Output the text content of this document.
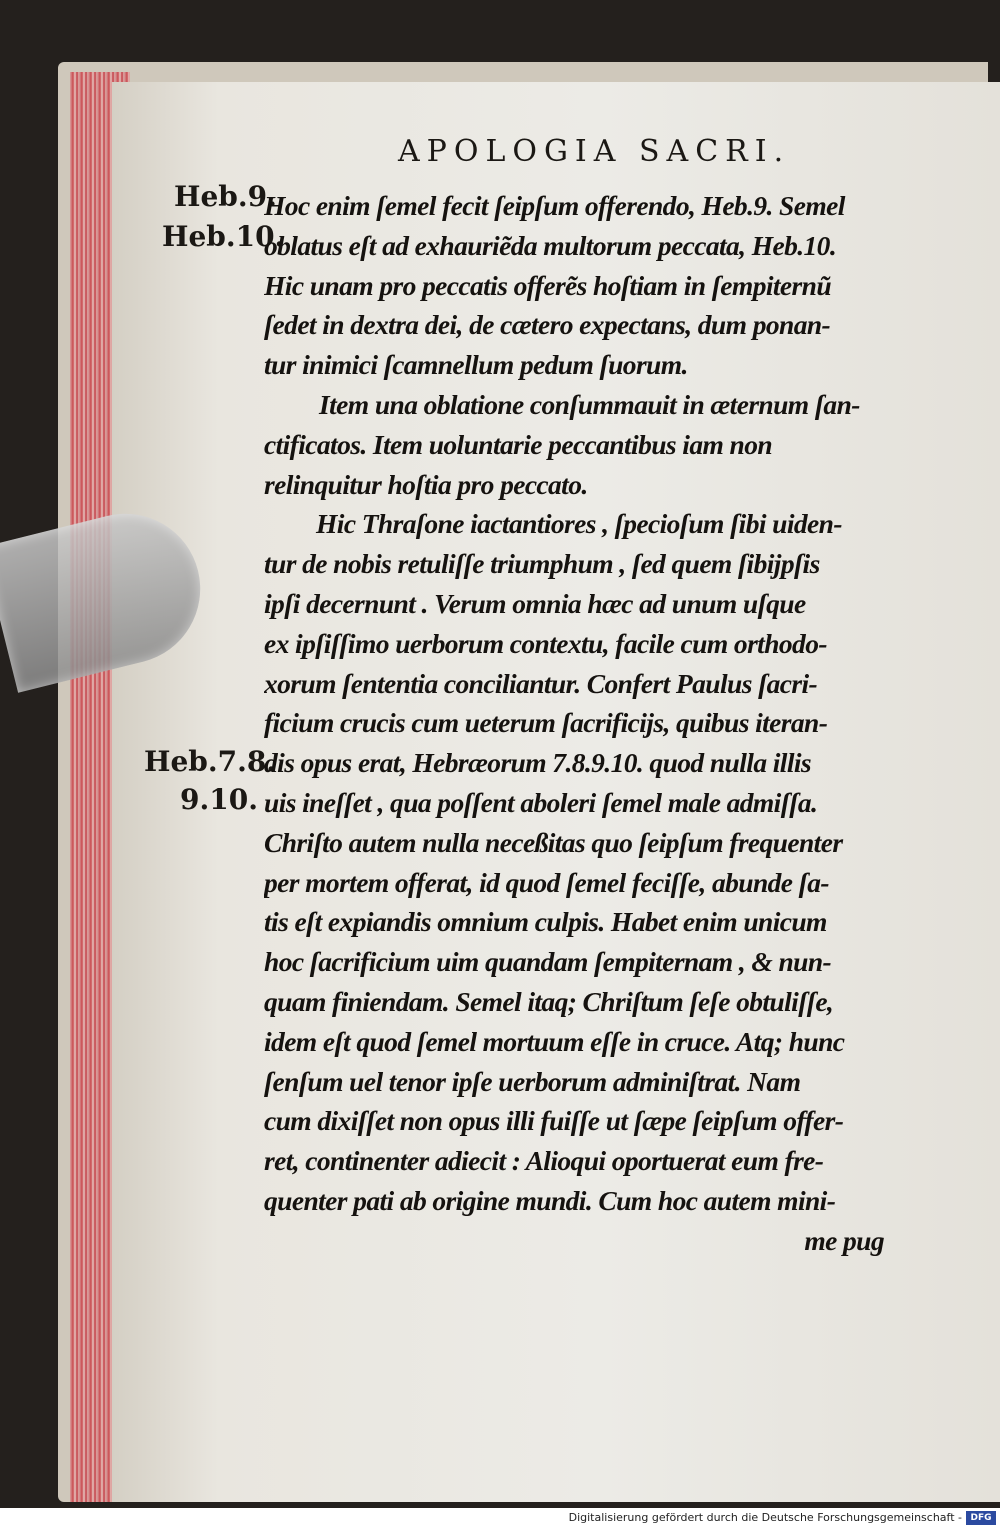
APOLOGIA SACRI.
Heb.9.
Heb.10.
Heb.7.8.
9.10.
Hoc enim ſemel fecit ſeipſum offerendo, Heb.9. Semel
oblatus eſt ad exhauriẽda multorum peccata, Heb.10.
Hic unam pro peccatis offerẽs hoſtiam in ſempiternũ
ſedet in dextra dei, de cætero expectans, dum ponan-
tur inimici ſcamnellum pedum ſuorum.
Item una oblatione conſummauit in æternum ſan-
ctificatos. Item uoluntarie peccantibus iam non
relinquitur hoſtia pro peccato.
Hic Thraſone iactantiores , ſpecioſum ſibi uiden-
tur de nobis retuliſſe triumphum , ſed quem ſibijpſis
ipſi decernunt . Verum omnia hæc ad unum uſque
ex ipſiſſimo uerborum contextu, facile cum orthodo-
xorum ſententia conciliantur. Confert Paulus ſacri-
ficium crucis cum ueterum ſacrificijs, quibus iteran-
dis opus erat, Hebræorum 7.8.9.10. quod nulla illis
uis ineſſet , qua poſſent aboleri ſemel male admiſſa.
Chriſto autem nulla neceßitas quo ſeipſum frequenter
per mortem offerat, id quod ſemel feciſſe, abunde ſa-
tis eſt expiandis omnium culpis. Habet enim unicum
hoc ſacrificium uim quandam ſempiternam , & nun-
quam finiendam. Semel itaq; Chriſtum ſeſe obtuliſſe,
idem eſt quod ſemel mortuum eſſe in cruce. Atq; hunc
ſenſum uel tenor ipſe uerborum adminiſtrat. Nam
cum dixiſſet non opus illi fuiſſe ut ſæpe ſeipſum offer-
ret, continenter adiecit : Alioqui oportuerat eum fre-
quenter pati ab origine mundi. Cum hoc autem mini-
me pug
Digitalisierung gefördert durch die Deutsche Forschungsgemeinschaft - DFG
